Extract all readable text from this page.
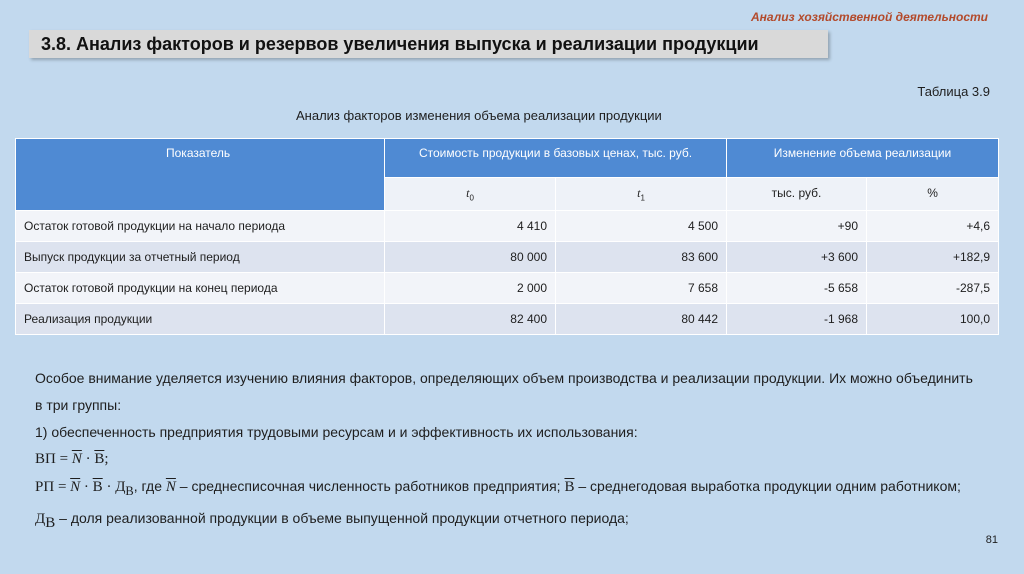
Анализ хозяйственной деятельности
3.8. Анализ факторов и резервов увеличения выпуска и реализации продукции
Таблица 3.9
Анализ факторов изменения объема реализации продукции
Показатель	Стоимость продукции в базовых ценах, тыс. руб.		Изменение объема реализации	
	$t_0$	$t_1$	тыс. руб.	%
Остаток готовой продукции на начало периода	4 410	4 500	+90	+4,6
Выпуск продукции за отчетный период	80 000	83 600	+3 600	+182,9
Остаток готовой продукции на конец периода	2 000	7 658	-5 658	-287,5
Реализация продукции	82 400	80 442	-1 968	100,0

Особое внимание уделяется изучению влияния факторов, определяющих объем производства и реализации продукции. Их можно объединить в три группы:

1) обеспеченность предприятия трудовыми ресурсам и и эффективность их использования:

ВП = $\overline{N} \cdot В$;

РП = $\overline{N} \cdot В \cdot Д_В$, где $\overline{N}$ – среднесписочная численность работников предприятия; В – среднегодовая выработка продукции одним работником; $Д_В$ – доля реализованной продукции в объеме выпущенной продукции отчетного периода;

81
